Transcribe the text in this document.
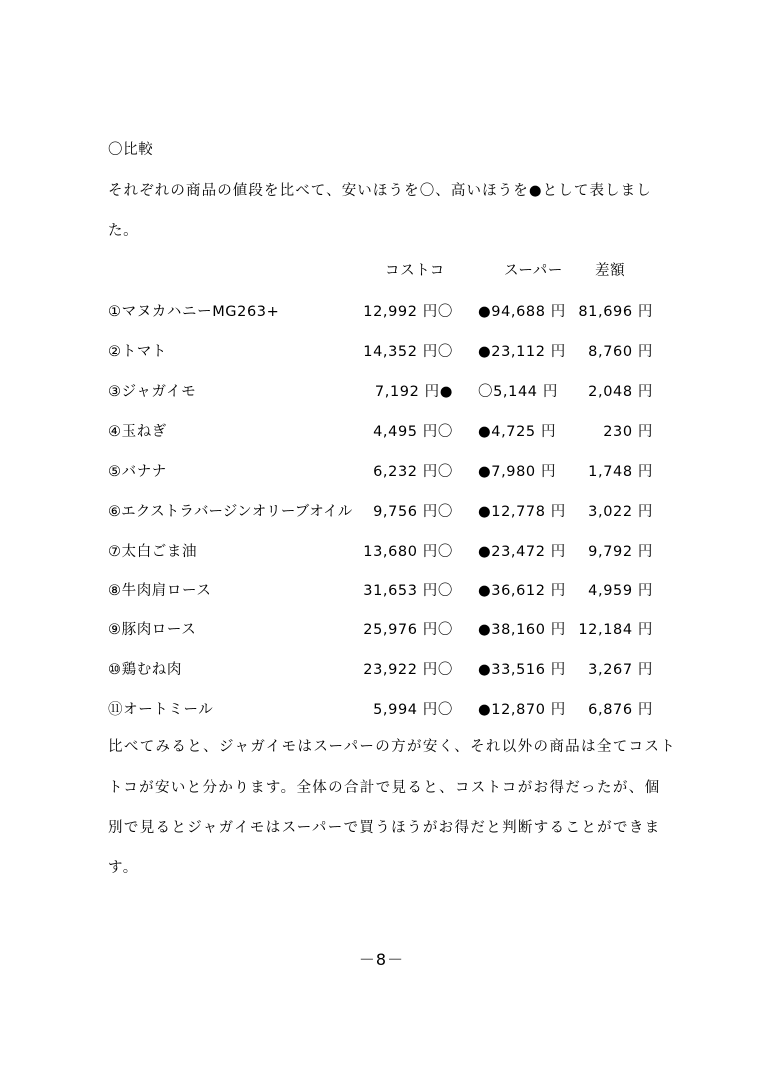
〇比較
それぞれの商品の値段を比べて、安いほうを〇、高いほうを●として表しまし
た。
コストコ	スーパー 差額
①マヌカハニーMG263+	12,992 円〇 ●94,688 円 81,696 円
②トマト	14,352 円〇 ●23,112 円 8,760 円
③ジャガイモ	7,192 円● 〇5,144 円 2,048 円
④玉ねぎ	4,495 円〇 ●4,725 円	230 円
⑤バナナ	6,232 円〇 ●7,980 円 1,748 円
⑥エクストラバージンオリーブオイル 9,756 円〇 ●12,778 円 3,022 円
⑦太白ごま油	13,680 円〇 ●23,472 円 9,792 円
⑧牛肉肩ロース	31,653 円〇 ●36,612 円 4,959 円
⑨豚肉ロース	25,976 円〇 ●38,160 円 12,184 円
⑩鶏むね肉	23,922 円〇 ●33,516 円 3,267 円
⑪オートミール	5,994 円〇 ●12,870 円 6,876 円
比べてみると、ジャガイモはスーパーの方が安く、それ以外の商品は全てコスト
トコが安いと分かります。全体の合計で見ると、コストコがお得だったが、個
別で見るとジャガイモはスーパーで買うほうがお得だと判断することができま
す。
－8－
